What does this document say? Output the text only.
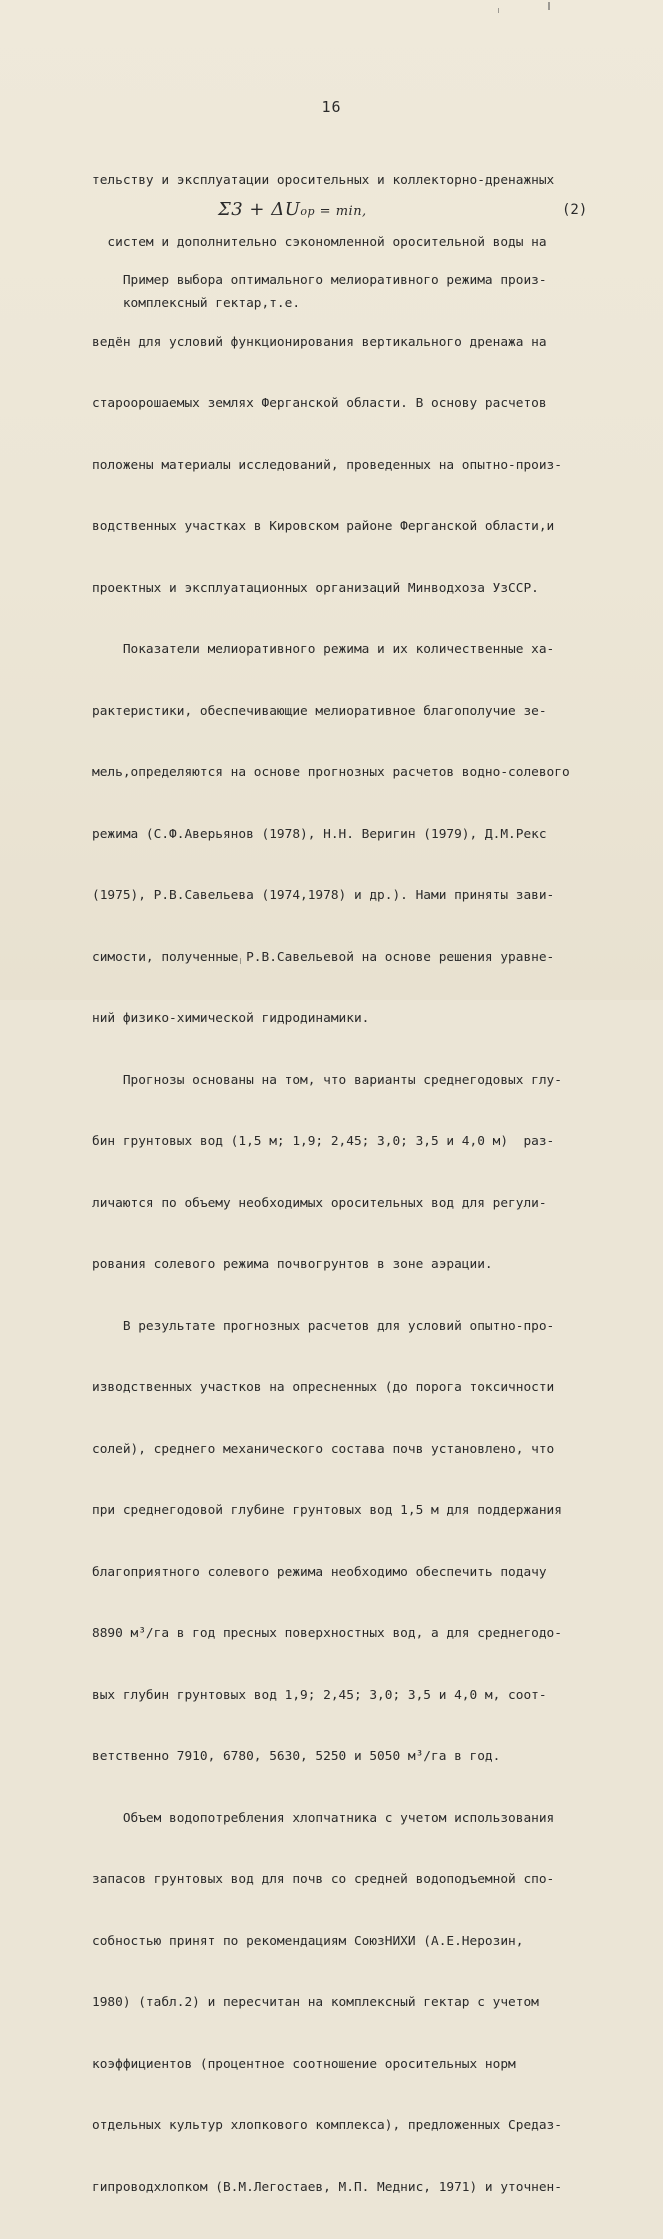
16

тельству и эксплуатации оросительных и коллекторно-дренажных

систем и дополнительно сэкономленной оросительной воды на

комплексный гектар,т.е.

Σ3 + ΔUop = min,	(2)

Пример выбора оптимального мелиоративного режима произ-

ведён для условий функционирования вертикального дренажа на

староорошаемых землях Ферганской области. В основу расчетов

положены материалы исследований, проведенных на опытно-произ-

водственных участках в Кировском районе Ферганской области,и

проектных и эксплуатационных организаций Минводхоза УзССР.

Показатели мелиоративного режима и их количественные ха-

рактеристики, обеспечивающие мелиоративное благополучие зе-

мель,определяются на основе прогнозных расчетов водно-солевого

режима (С.Ф.Аверьянов (1978), Н.Н. Веригин (1979), Д.М.Рекс

(1975), Р.В.Савельева (1974,1978) и др.). Нами приняты зави-

симости, полученные Р.В.Савельевой на основе решения уравне-

ний физико-химической гидродинамики.

Прогнозы основаны на том, что варианты среднегодовых глу-

бин грунтовых вод (1,5 м; 1,9; 2,45; 3,0; 3,5 и 4,0 м)  раз-

личаются по объему необходимых оросительных вод для регули-

рования солевого режима почвогрунтов в зоне аэрации.

В результате прогнозных расчетов для условий опытно-про-

изводственных участков на опресненных (до порога токсичности

солей), среднего механического состава почв установлено, что

при среднегодовой глубине грунтовых вод 1,5 м для поддержания

благоприятного солевого режима необходимо обеспечить подачу

8890 м³/га в год пресных поверхностных вод, а для среднегодо-

вых глубин грунтовых вод 1,9; 2,45; 3,0; 3,5 и 4,0 м, соот-

ветственно 7910, 6780, 5630, 5250 и 5050 м³/га в год.

Объем водопотребления хлопчатника с учетом использования

запасов грунтовых вод для почв со средней водоподъемной спо-

собностью принят по рекомендациям СоюзНИХИ (А.Е.Нерозин,

1980) (табл.2) и пересчитан на комплексный гектар с учетом

коэффициентов (процентное соотношение оросительных норм

отдельных культур хлопкового комплекса), предложенных Средаз-

гипроводхлопком (В.М.Легостаев, М.П. Меднис, 1971) и уточнен-
